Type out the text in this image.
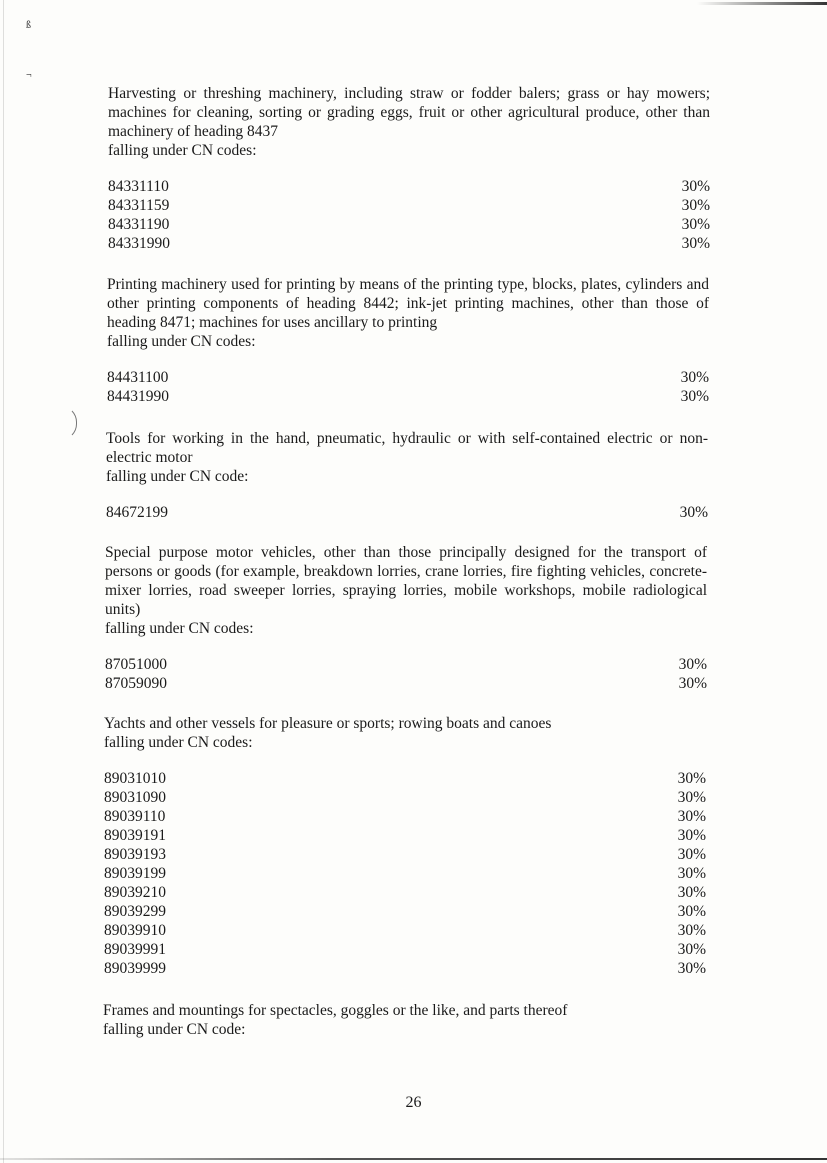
ß
¬

Harvesting or threshing machinery, including straw or fodder balers; grass or hay mowers; machines for cleaning, sorting or grading eggs, fruit or other agricultural produce, other than machinery of heading 8437

falling under CN codes:

84331110	30%
84331159	30%
84331190	30%
84331990	30%

Printing machinery used for printing by means of the printing type, blocks, plates, cylinders and other printing components of heading 8442; ink-jet printing machines, other than those of heading 8471; machines for uses ancillary to printing

falling under CN codes:

84431100	30%
84431990	30%

Tools for working in the hand, pneumatic, hydraulic or with self-contained electric or non-electric motor

falling under CN code:

84672199	30%

Special purpose motor vehicles, other than those principally designed for the transport of persons or goods (for example, breakdown lorries, crane lorries, fire fighting vehicles, concrete-mixer lorries, road sweeper lorries, spraying lorries, mobile workshops, mobile radiological units)

falling under CN codes:

87051000	30%
87059090	30%

Yachts and other vessels for pleasure or sports; rowing boats and canoes

falling under CN codes:

89031010	30%
89031090	30%
89039110	30%
89039191	30%
89039193	30%
89039199	30%
89039210	30%
89039299	30%
89039910	30%
89039991	30%
89039999	30%

Frames and mountings for spectacles, goggles or the like, and parts thereof

falling under CN code:

26
